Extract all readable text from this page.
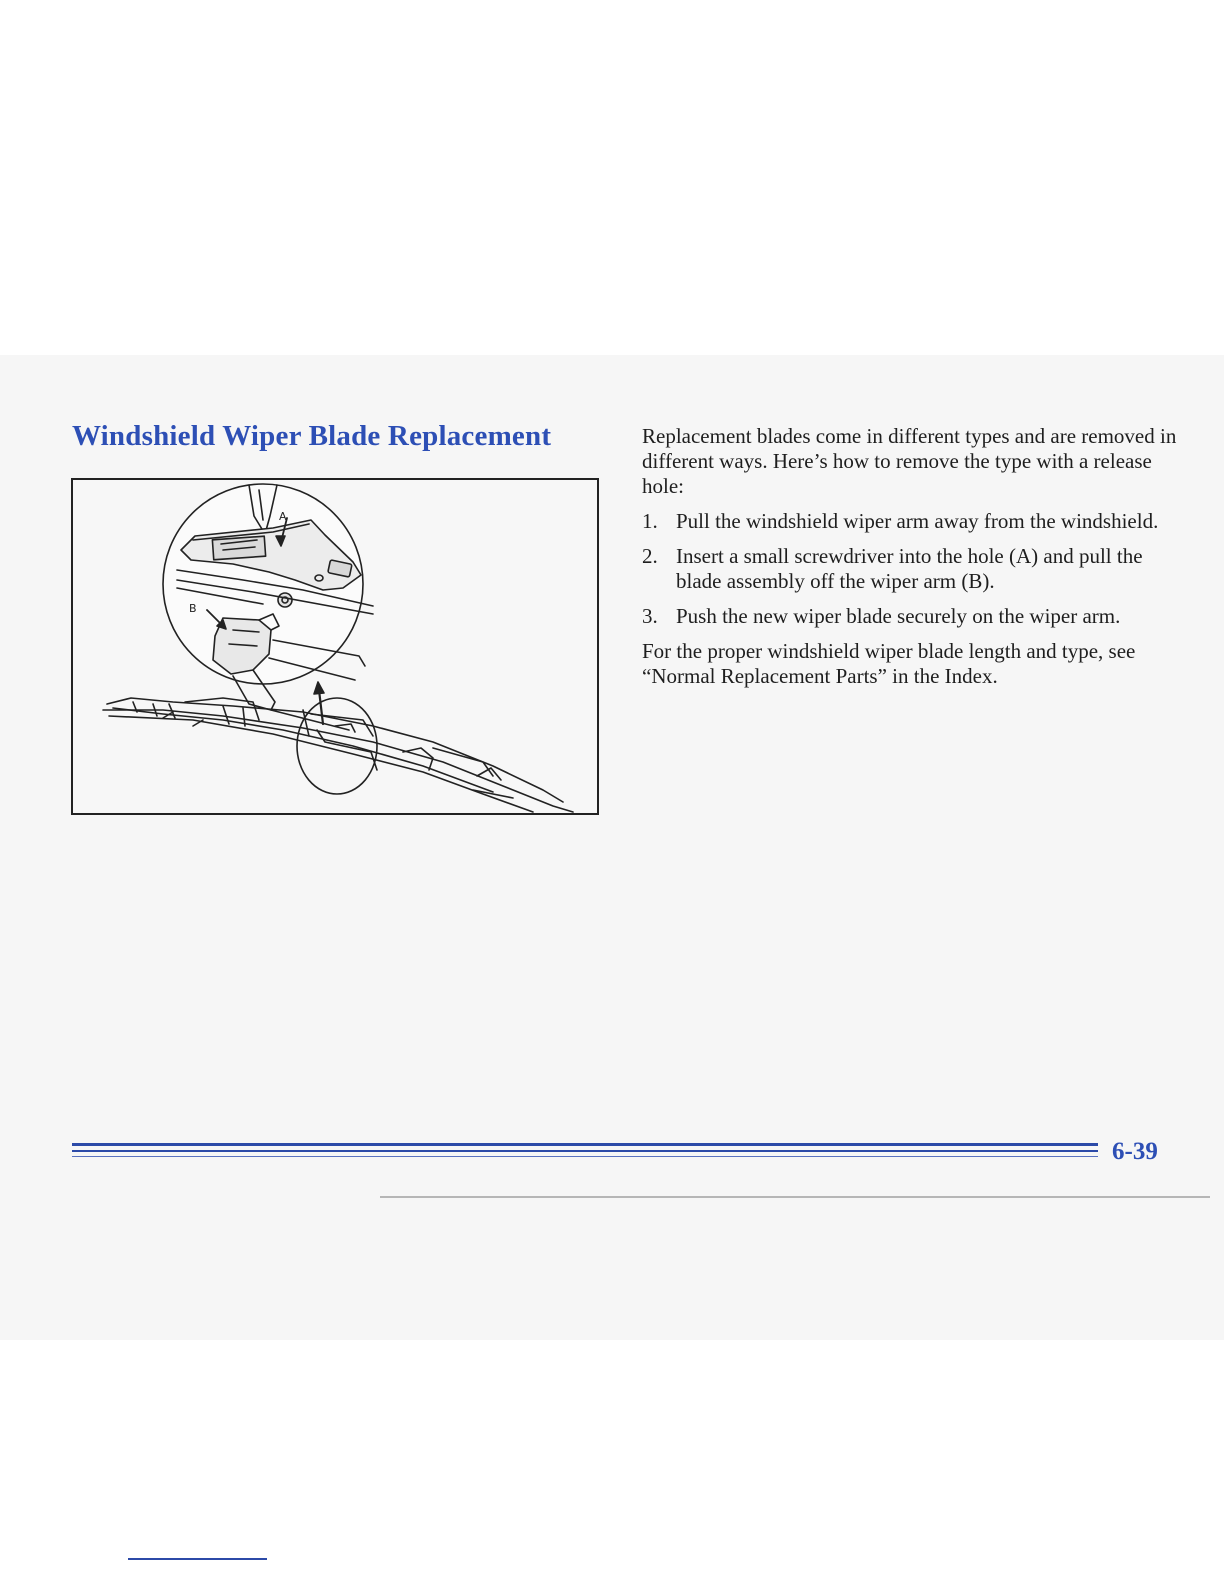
Windshield Wiper Blade Replacement
A
B

Replacement blades come in different types and are removed in different ways. Here’s how to remove the type with a release hole:

1. Pull the windshield wiper arm away from the windshield.
2. Insert a small screwdriver into the hole (A) and pull the blade assembly off the wiper arm (B).
3. Push the new wiper blade securely on the wiper arm.

For the proper windshield wiper blade length and type, see “Normal Replacement Parts” in the Index.

6-39
